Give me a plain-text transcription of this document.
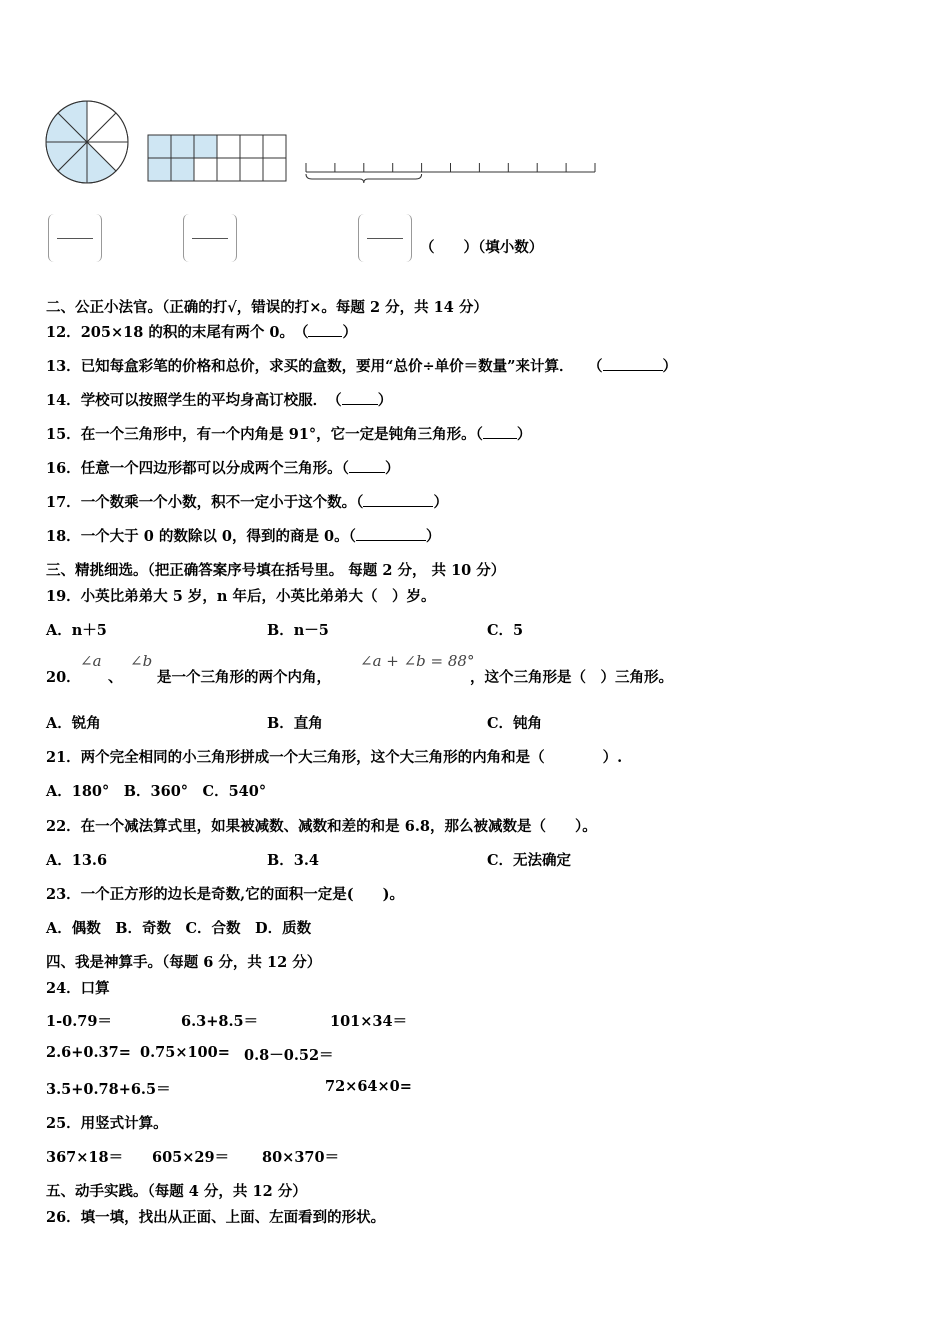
（　　）（填小数）
二、公正小法官。（正确的打√，错误的打×。每题 2 分，共 14 分）
12．205×18 的积的末尾有两个 0。　（ ）
13．已知每盒彩笔的价格和总价，求买的盒数，要用“总价÷单价＝数量”来计算．　　（	）
14．学校可以按照学生的平均身高订校服．　（ ）
15．在一个三角形中，有一个内角是 91°，它一定是钝角三角形。（ ）
16．任意一个四边形都可以分成两个三角形。（ ）
17．一个数乘一个小数，积不一定小于这个数。（	）
18．一个大于 0 的数除以 0，得到的商是 0。（	）
三、精挑细选。（把正确答案序号填在括号里。 每题 2 分， 共 10 分）
19．小英比弟弟大 5 岁，n 年后，小英比弟弟大（　）岁。
A．n＋5	B．n－5	C．5
20．
∠a
、
∠b
是一个三角形的两个内角，
∠a + ∠b = 88°
，这个三角形是（　）三角形。
A．锐角	B．直角	C．钝角
21．两个完全相同的小三角形拼成一个大三角形，这个大三角形的内角和是（　　　　）.
A．180°　B．360°　C．540°
22．在一个减法算式里，如果被减数、减数和差的和是 6.8，那么被减数是（　　）。
A．13.6	B．3.4	C．无法确定
23．一个正方形的边长是奇数,它的面积一定是(　　)。
A．偶数　B．奇数　C．合数　D．质数
四、我是神算手。（每题 6 分，共 12 分）
24．口算
1-0.79＝	6.3+8.5＝	101×34＝
2.6+0.37= 0.75×100= 0.8－0.52＝
3.5+0.78+6.5＝	72×64×0=
25．用竖式计算。
367×18＝ 605×29＝ 80×370＝
五、动手实践。（每题 4 分，共 12 分）
26．填一填，找出从正面、上面、左面看到的形状。
